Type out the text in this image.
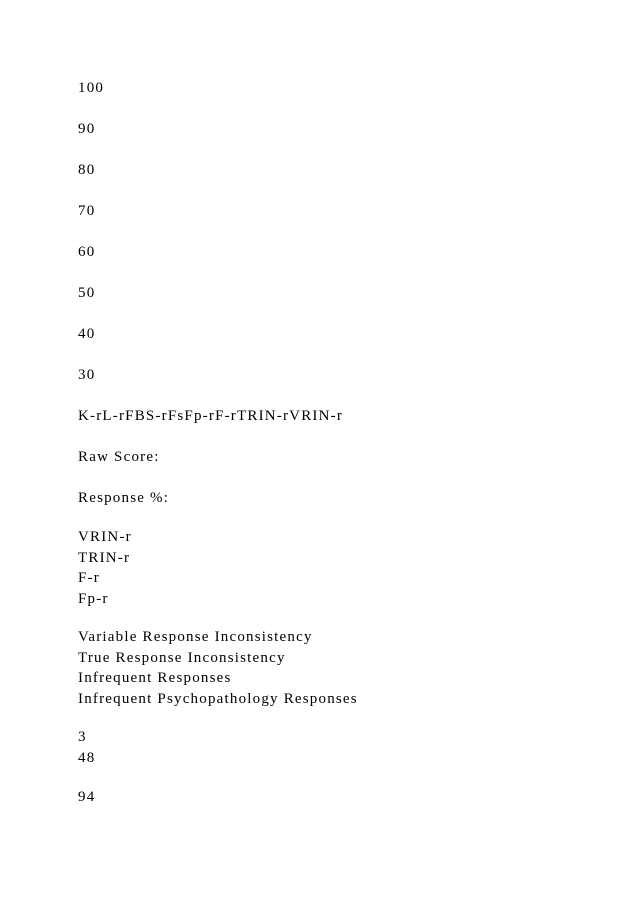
100
90
80
70
60
50
40
30
K-rL-rFBS-rFsFp-rF-rTRIN-rVRIN-r
Raw Score:
Response %:
VRIN-r
TRIN-r
F-r
Fp-r
Variable Response Inconsistency
True Response Inconsistency
Infrequent Responses
Infrequent Psychopathology Responses
3
48
94
